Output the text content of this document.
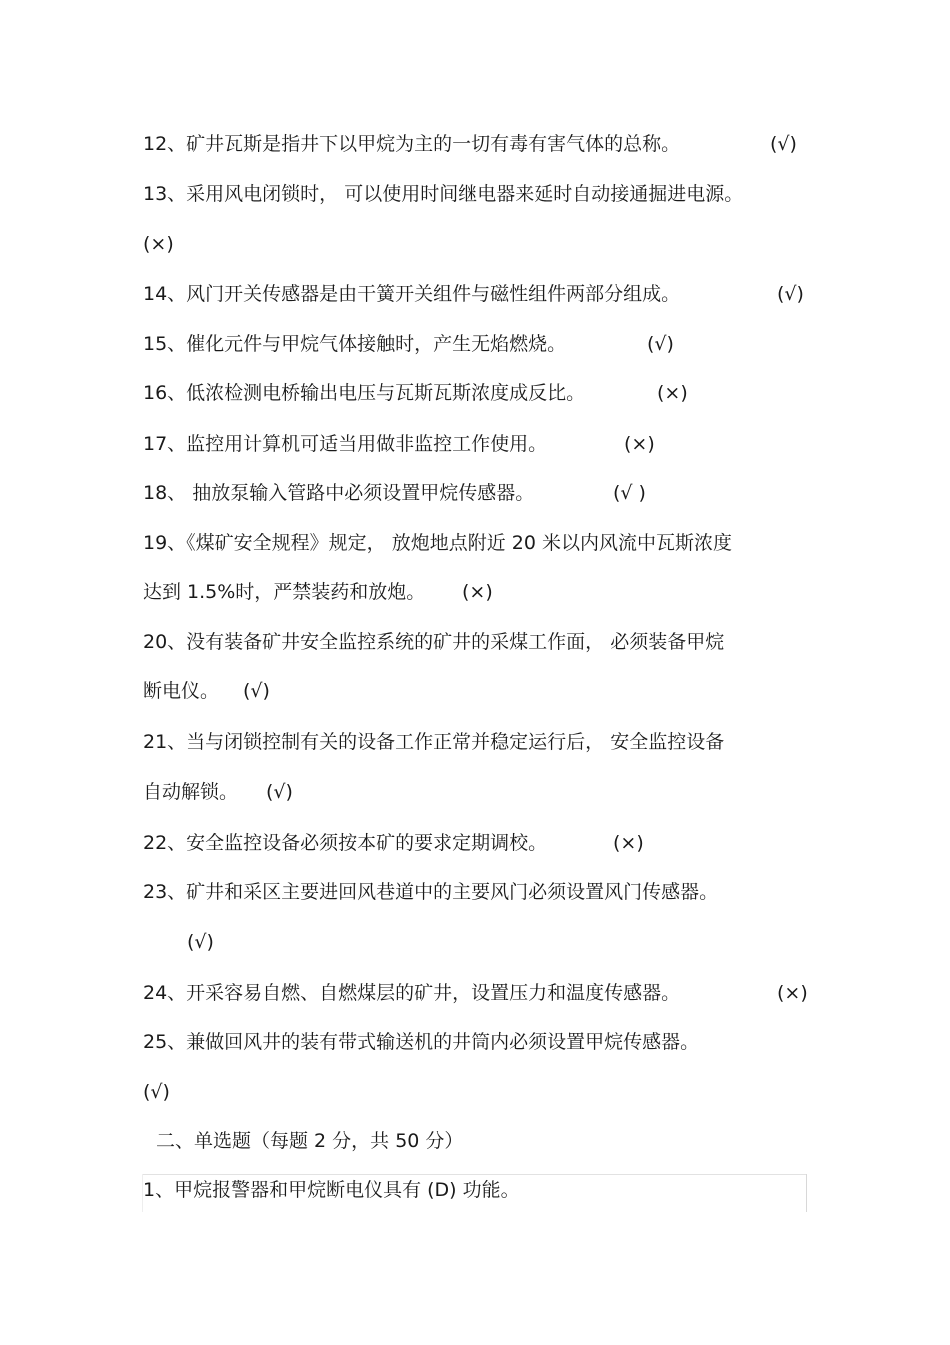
12、矿井瓦斯是指井下以甲烷为主的一切有毒有害气体的总称。	(√)
13、采用风电闭锁时， 可以使用时间继电器来延时自动接通掘进电源。
(×)
14、风门开关传感器是由干簧开关组件与磁性组件两部分组成。	(√)
15、催化元件与甲烷气体接触时，产生无焰燃烧。	(√)
16、低浓检测电桥输出电压与瓦斯瓦斯浓度成反比。	(×)
17、监控用计算机可适当用做非监控工作使用。	(×)
18、 抽放泵输入管路中必须设置甲烷传感器。	(√ )
19、《煤矿安全规程》规定， 放炮地点附近 20 米以内风流中瓦斯浓度
达到 1.5%时，严禁装药和放炮。 (×)
20、没有装备矿井安全监控系统的矿井的采煤工作面， 必须装备甲烷
断电仪。 (√)
21、当与闭锁控制有关的设备工作正常并稳定运行后， 安全监控设备
自动解锁。 (√)
22、安全监控设备必须按本矿的要求定期调校。	(×)
23、矿井和采区主要进回风巷道中的主要风门必须设置风门传感器。
(√)
24、开采容易自燃、自燃煤层的矿井，设置压力和温度传感器。	(×)
25、兼做回风井的装有带式输送机的井筒内必须设置甲烷传感器。
(√)
二、单选题（每题 2 分，共 50 分）
1、甲烷报警器和甲烷断电仪具有 (D) 功能。
